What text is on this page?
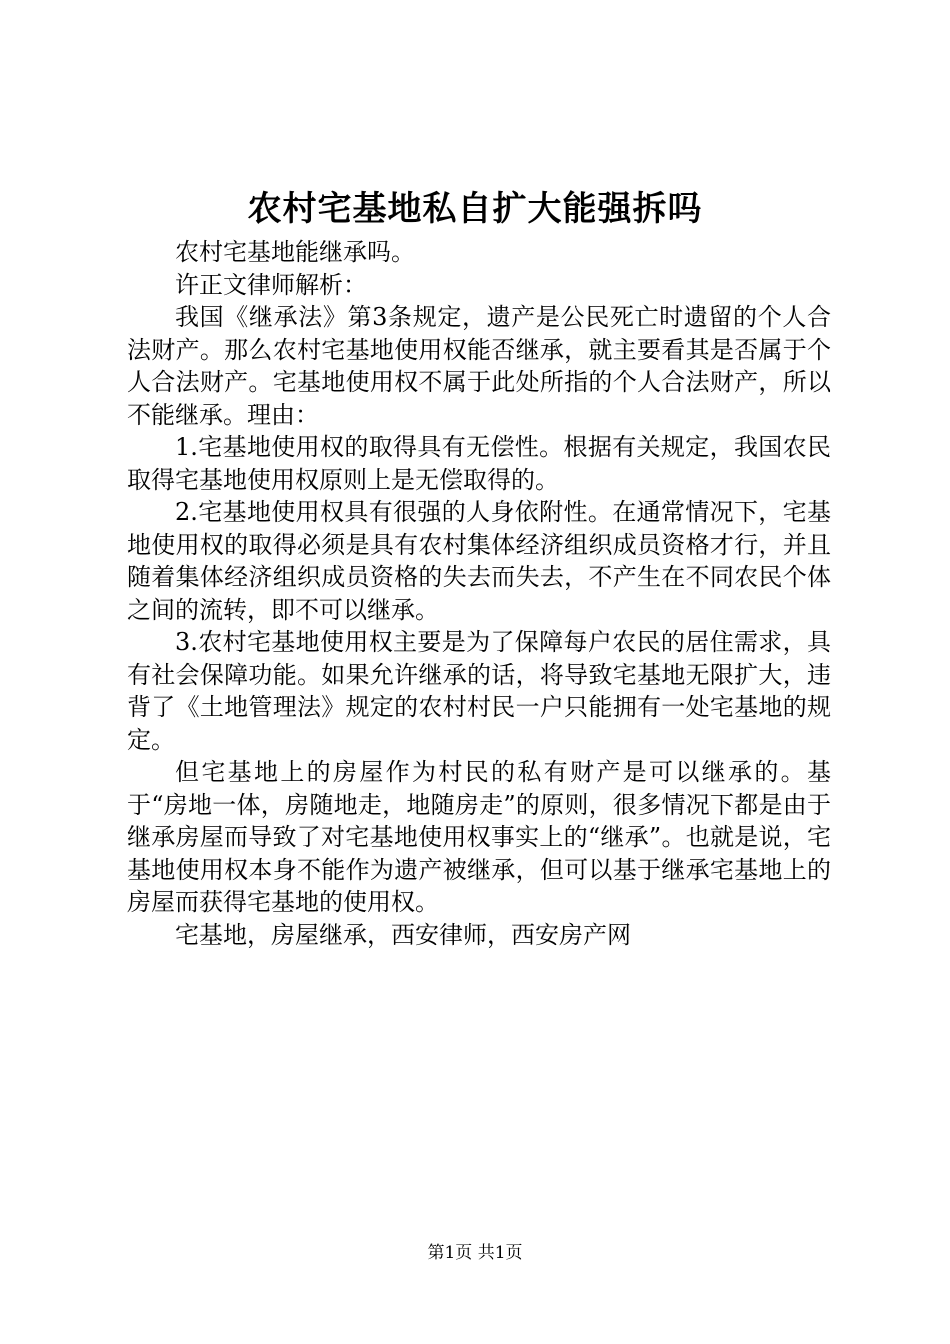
农村宅基地私自扩大能强拆吗

农村宅基地能继承吗。

许正文律师解析：

我国《继承法》第3条规定，遗产是公民死亡时遗留的个人合法财产。那么农村宅基地使用权能否继承，就主要看其是否属于个人合法财产。宅基地使用权不属于此处所指的个人合法财产，所以不能继承。理由：

1.宅基地使用权的取得具有无偿性。根据有关规定，我国农民取得宅基地使用权原则上是无偿取得的。

2.宅基地使用权具有很强的人身依附性。在通常情况下，宅基地使用权的取得必须是具有农村集体经济组织成员资格才行，并且随着集体经济组织成员资格的失去而失去，不产生在不同农民个体之间的流转，即不可以继承。

3.农村宅基地使用权主要是为了保障每户农民的居住需求，具有社会保障功能。如果允许继承的话，将导致宅基地无限扩大，违背了《土地管理法》规定的农村村民一户只能拥有一处宅基地的规定。

但宅基地上的房屋作为村民的私有财产是可以继承的。基于“房地一体，房随地走，地随房走”的原则，很多情况下都是由于继承房屋而导致了对宅基地使用权事实上的“继承”。也就是说，宅基地使用权本身不能作为遗产被继承，但可以基于继承宅基地上的房屋而获得宅基地的使用权。

宅基地，房屋继承，西安律师，西安房产网

第1页 共1页
